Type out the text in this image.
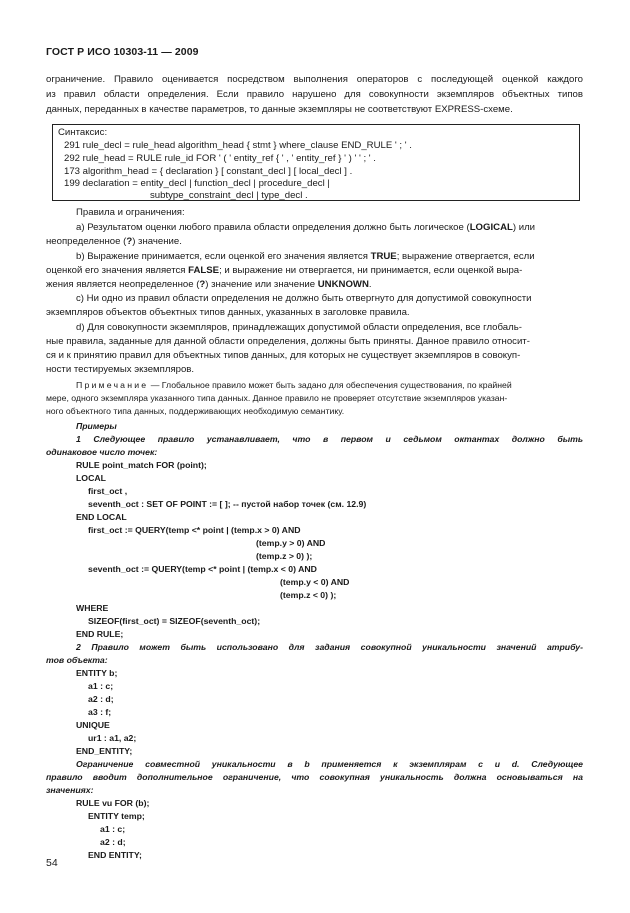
ГОСТ Р ИСО 10303-11 — 2009
ограничение. Правило оценивается посредством выполнения операторов с последующей оценкой каждого
из правил области определения. Если правило нарушено для совокупности экземпляров объектных типов
данных, переданных в качестве параметров, то данные экземпляры не соответствуют EXPRESS-схеме.
Синтаксис:
291 rule_decl = rule_head algorithm_head { stmt } where_clause END_RULE ' ; ' .
292 rule_head = RULE rule_id FOR ' ( ' entity_ref { ' , ' entity_ref } ' ) ' ' ; ' .
173 algorithm_head = { declaration } [ constant_decl ] [ local_decl ] .
199 declaration = entity_decl | function_decl | procedure_decl |
subtype_constraint_decl | type_decl .
Правила и ограничения:
а) Результатом оценки любого правила области определения должно быть логическое (LOGICAL) или
неопределенное (?) значение.
b) Выражение принимается, если оценкой его значения является TRUE; выражение отвергается, если
оценкой его значения является FALSE; и выражение ни отвергается, ни принимается, если оценкой выра-
жения является неопределенное (?) значение или значение UNKNOWN.
с) Ни одно из правил области определения не должно быть отвергнуто для допустимой совокупности
экземпляров объектов объектных типов данных, указанных в заголовке правила.
d) Для совокупности экземпляров, принадлежащих допустимой области определения, все глобаль-
ные правила, заданные для данной области определения, должны быть приняты. Данное правило относит-
ся и к принятию правил для объектных типов данных, для которых не существует экземпляров в совокуп-
ности тестируемых экземпляров.
Примечание — Глобальное правило может быть задано для обеспечения существования, по крайней
мере, одного экземпляра указанного типа данных. Данное правило не проверяет отсутствие экземпляров указан-
ного объектного типа данных, поддерживающих необходимую семантику.
Примеры
1 Следующее правило устанавливает, что в первом и седьмом октантах должно быть
одинаковое число точек:
RULE point_match FOR (point);
LOCAL
first_oct ,
seventh_oct : SET OF POINT := [ ]; -- пустой набор точек (см. 12.9)
END LOCAL
first_oct := QUERY(temp <* point | (temp.x > 0) AND
(temp.y > 0) AND
(temp.z > 0) );
seventh_oct := QUERY(temp <* point | (temp.x < 0) AND
(temp.y < 0) AND
(temp.z < 0) );
WHERE
SIZEOF(first_oct) = SIZEOF(seventh_oct);
END RULE;
2 Правило может быть использовано для задания совокупной уникальности значений атрибу-
тов объекта:
ENTITY b;
a1 : c;
a2 : d;
a3 : f;
UNIQUE
ur1 : a1, a2;
END_ENTITY;
Ограничение совместной уникальности в b применяется к экземплярам c и d. Следующее
правило вводит дополнительное ограничение, что совокупная уникальность должна основываться на
значениях:
RULE vu FOR (b);
ENTITY temp;
a1 : c;
a2 : d;
END ENTITY;
54
